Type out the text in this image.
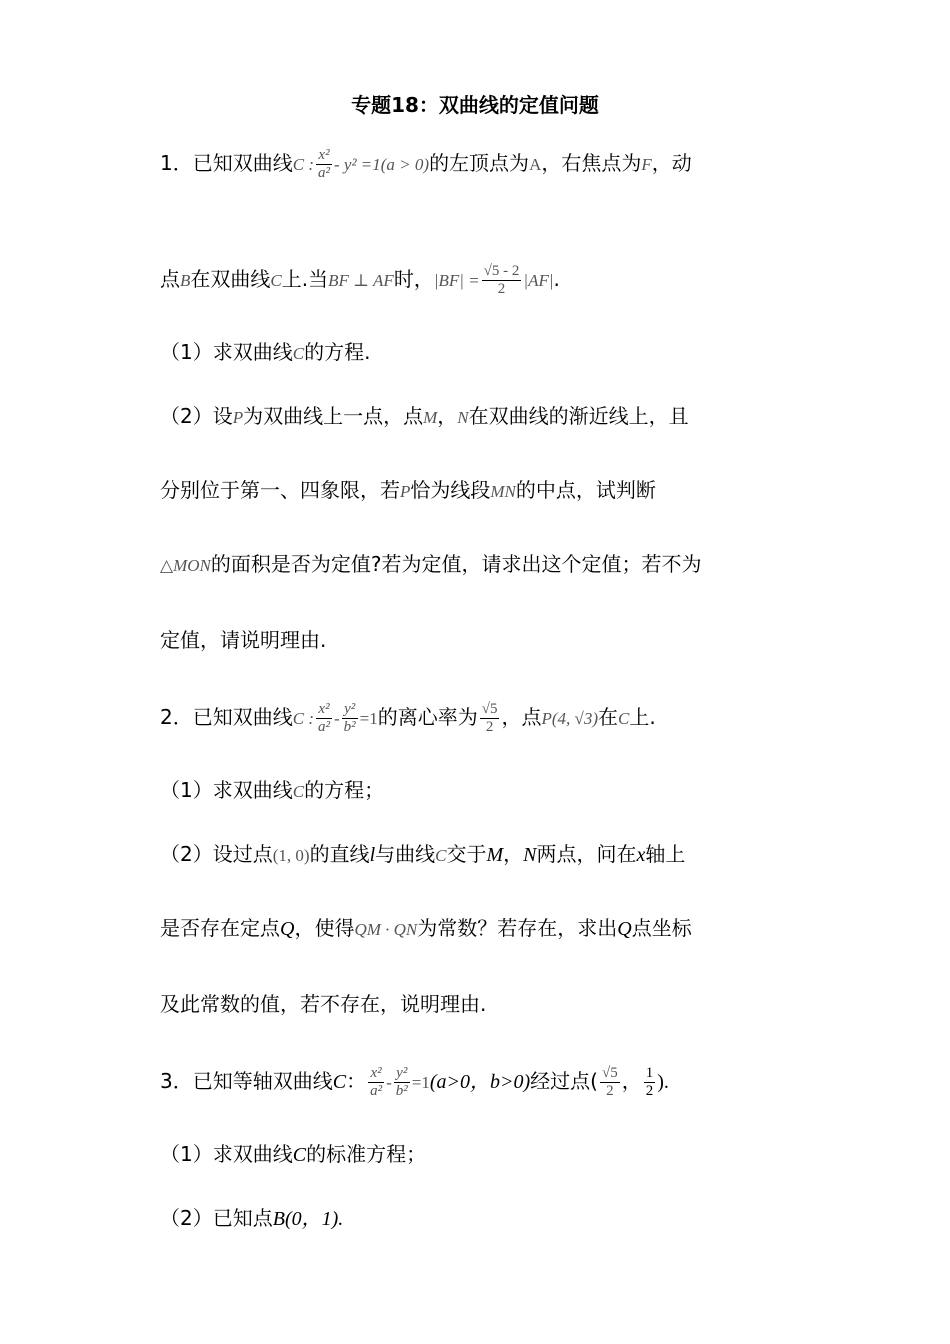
专题18：双曲线的定值问题
1．已知双曲线C : $\frac{\text{x²}}{\text{a²}} - y^2 =1(a > 0)$的左顶点为A，右焦点为F，动
点B在双曲线C上.当BF ⊥ AF时，$|BF| = \frac{√5 - 2}{2} |AF|$.
（1）求双曲线C的方程.
（2）设P为双曲线上一点，点M，N在双曲线的渐近线上，且
分别位于第一、四象限，若P恰为线段MN的中点，试判断
△MON的面积是否为定值?若为定值，请求出这个定值；若不为
定值，请说明理由.
2．已知双曲线C : $\frac{\text{x²}}{\text{a²}} - \frac{\text{y²}}{\text{b²}} =1$的离心率为 $\frac{√5}{2}$ ，点P(4, √3)在C上.
（1）求双曲线C的方程；
（2）设过点(1, 0)的直线l与曲线C交于M，N两点，问在x轴上
是否存在定点Q，使得QM · QN为常数？若存在，求出Q点坐标
及此常数的值，若不存在，说明理由.
3．已知等轴双曲线C： $\frac{\text{x²}}{\text{a²}} - \frac{\text{y²}}{\text{b²}} =1(a>0$，b>0)经过点( $\frac{√5}{2}$ ， $\frac{1}{2}$ ).
（1）求双曲线C的标准方程；
（2）已知点B(0，1).
